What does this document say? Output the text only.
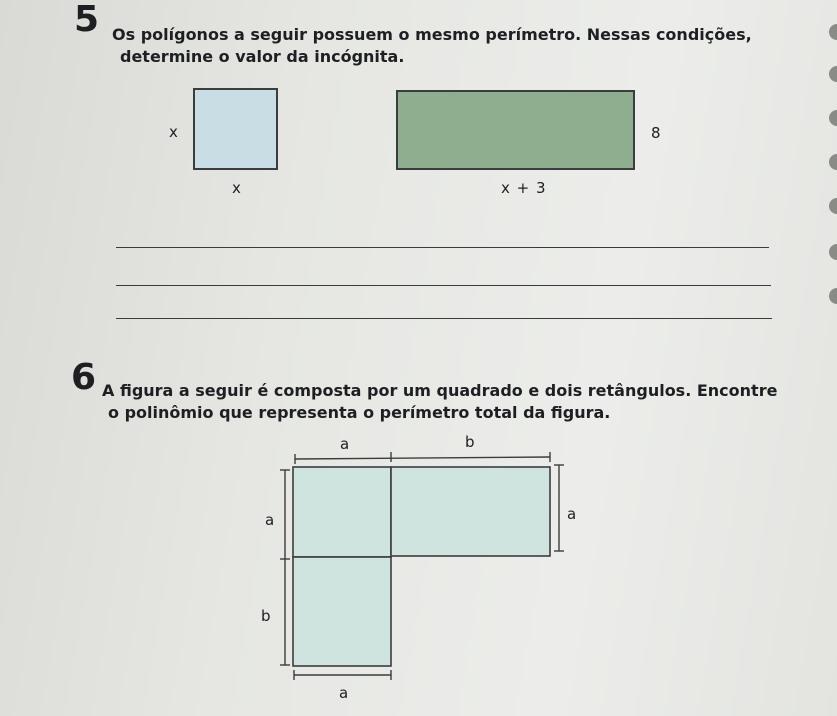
5 Os polígonos a seguir possuem o mesmo perímetro. Nessas condições,

determine o valor da incógnita.

x
x
8
x + 3
6 A figura a seguir é composta por um quadrado e dois retângulos. Encontre

o polinômio que representa o perímetro total da figura.

a	b
a	a
b
a
